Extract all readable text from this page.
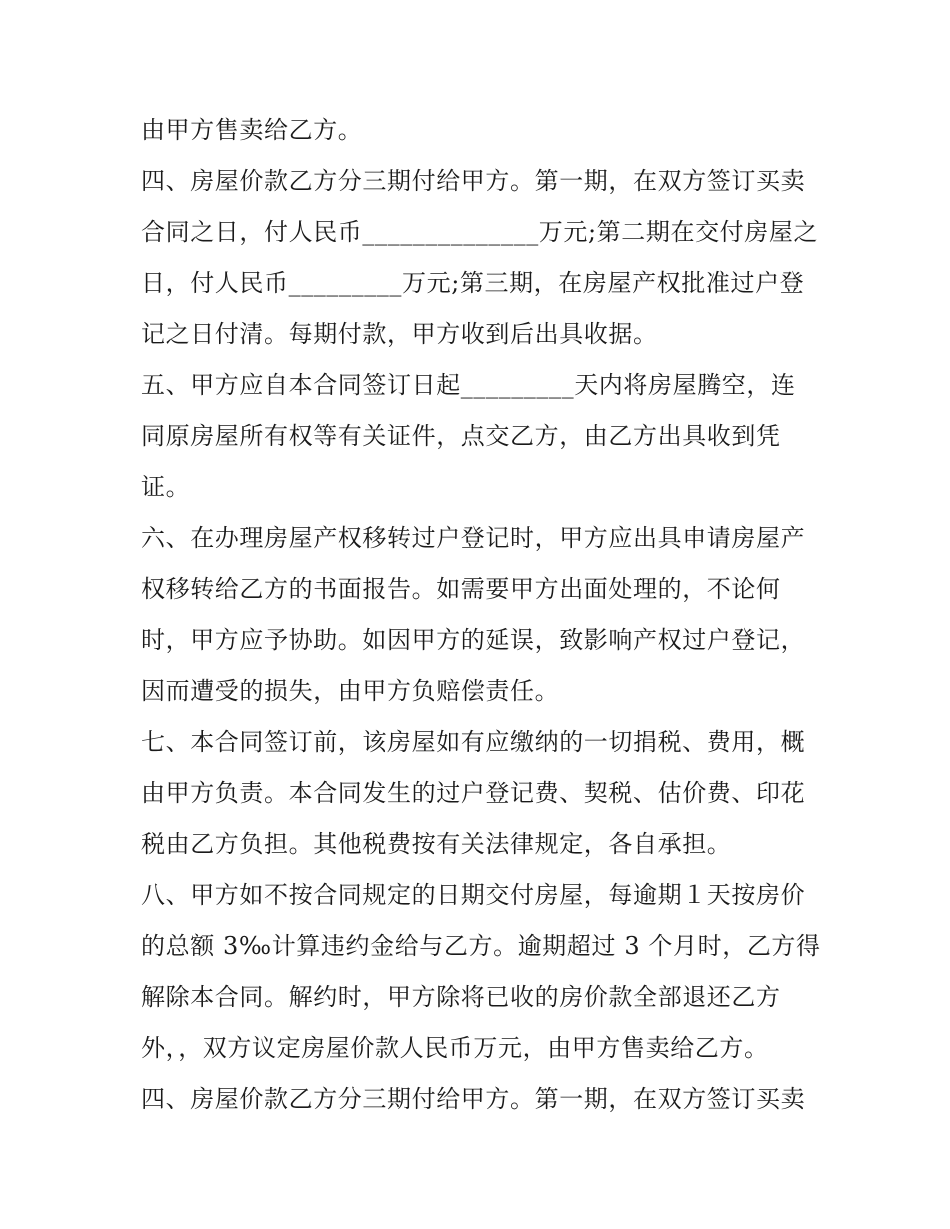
由甲方售卖给乙方。
四、房屋价款乙方分三期付给甲方。第一期，在双方签订买卖
合同之日，付人民币______________万元;第二期在交付房屋之
日，付人民币_________万元;第三期，在房屋产权批准过户登
记之日付清。每期付款，甲方收到后出具收据。
五、甲方应自本合同签订日起_________天内将房屋腾空，连
同原房屋所有权等有关证件，点交乙方，由乙方出具收到凭
证。
六、在办理房屋产权移转过户登记时，甲方应出具申请房屋产
权移转给乙方的书面报告。如需要甲方出面处理的，不论何
时，甲方应予协助。如因甲方的延误，致影响产权过户登记，
因而遭受的损失，由甲方负赔偿责任。
七、本合同签订前，该房屋如有应缴纳的一切捐税、费用，概
由甲方负责。本合同发生的过户登记费、契税、估价费、印花
税由乙方负担。其他税费按有关法律规定，各自承担。
八、甲方如不按合同规定的日期交付房屋，每逾期１天按房价
的总额 3‰计算违约金给与乙方。逾期超过 3 个月时，乙方得
解除本合同。解约时，甲方除将已收的房价款全部退还乙方
外，，双方议定房屋价款人民币万元，由甲方售卖给乙方。
四、房屋价款乙方分三期付给甲方。第一期，在双方签订买卖
